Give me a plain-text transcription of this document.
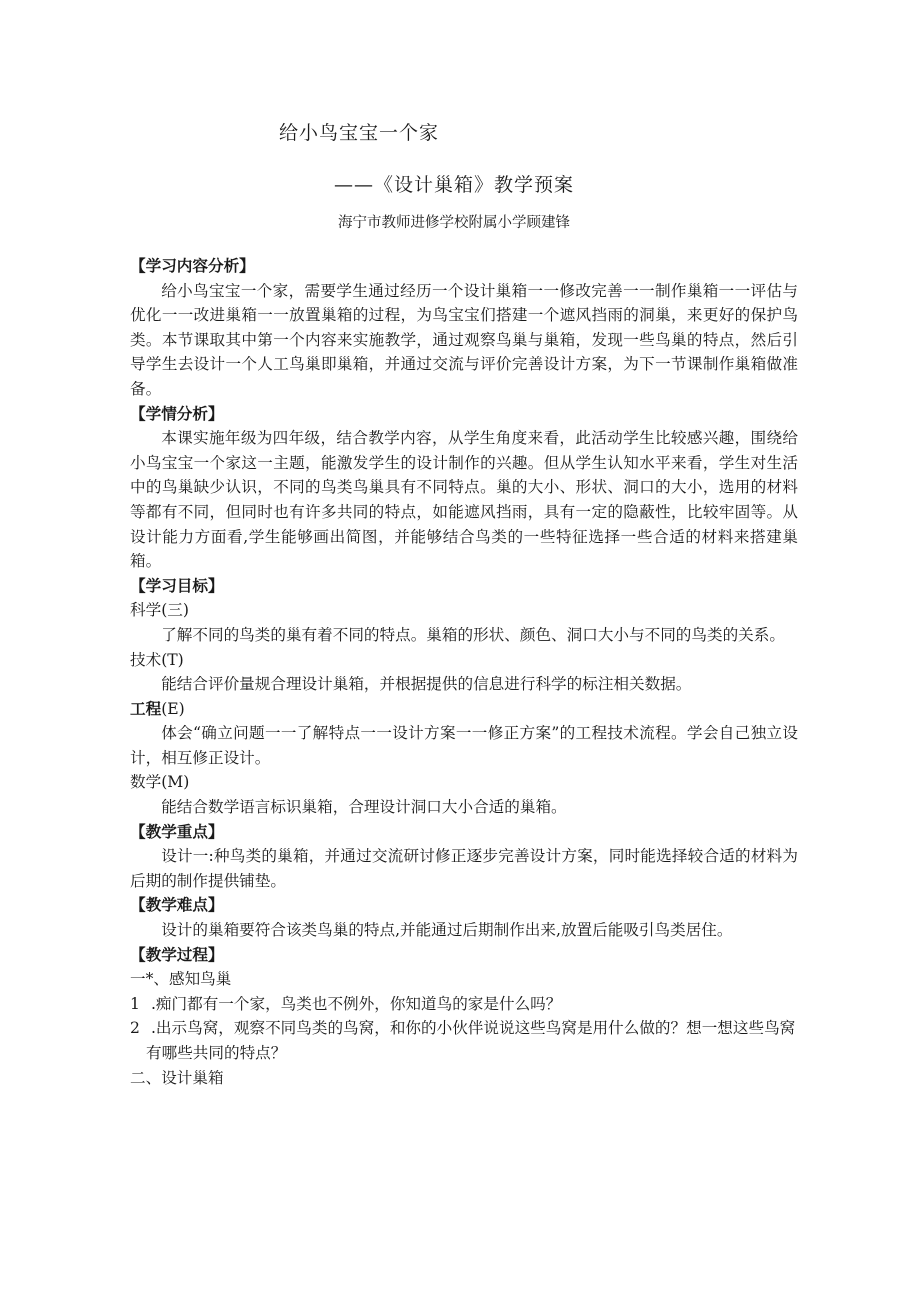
给小鸟宝宝一个家
——《设计巢箱》教学预案
海宁市教师进修学校附属小学顾建锋

【学习内容分析】

给小鸟宝宝一个家，需要学生通过经历一个设计巢箱一一修改完善一一制作巢箱一一评估与优化一一改进巢箱一一放置巢箱的过程，为鸟宝宝们搭建一个遮风挡雨的洞巢，来更好的保护鸟类。本节课取其中第一个内容来实施教学，通过观察鸟巢与巢箱，发现一些鸟巢的特点，然后引导学生去设计一个人工鸟巢即巢箱，并通过交流与评价完善设计方案，为下一节课制作巢箱做准备。

【学情分析】

本课实施年级为四年级，结合教学内容，从学生角度来看，此活动学生比较感兴趣，围绕给小鸟宝宝一个家这一主题，能激发学生的设计制作的兴趣。但从学生认知水平来看，学生对生活中的鸟巢缺少认识，不同的鸟类鸟巢具有不同特点。巢的大小、形状、洞口的大小，选用的材料等都有不同，但同时也有许多共同的特点，如能遮风挡雨，具有一定的隐蔽性，比较牢固等。从设计能力方面看,学生能够画出简图，并能够结合鸟类的一些特征选择一些合适的材料来搭建巢箱。

【学习目标】

科学(三)

了解不同的鸟类的巢有着不同的特点。巢箱的形状、颜色、洞口大小与不同的鸟类的关系。

技术(T)

能结合评价量规合理设计巢箱，并根据提供的信息进行科学的标注相关数据。

工程(E)

体会“确立问题一一了解特点一一设计方案一一修正方案”的工程技术流程。学会自己独立设计，相互修正设计。

数学(M)

能结合数学语言标识巢箱，合理设计洞口大小合适的巢箱。

【教学重点】

设计一:种鸟类的巢箱，并通过交流研讨修正逐步完善设计方案，同时能选择较合适的材料为后期的制作提供铺垫。

【教学难点】

设计的巢箱要符合该类鸟巢的特点,并能通过后期制作出来,放置后能吸引鸟类居住。

【教学过程】

一*、感知鸟巢

1 .痴门都有一个家，鸟类也不例外，你知道鸟的家是什么吗？

2 .出示鸟窝，观察不同鸟类的鸟窝，和你的小伙伴说说这些鸟窝是用什么做的？想一想这些鸟窝有哪些共同的特点？

二、设计巢箱
